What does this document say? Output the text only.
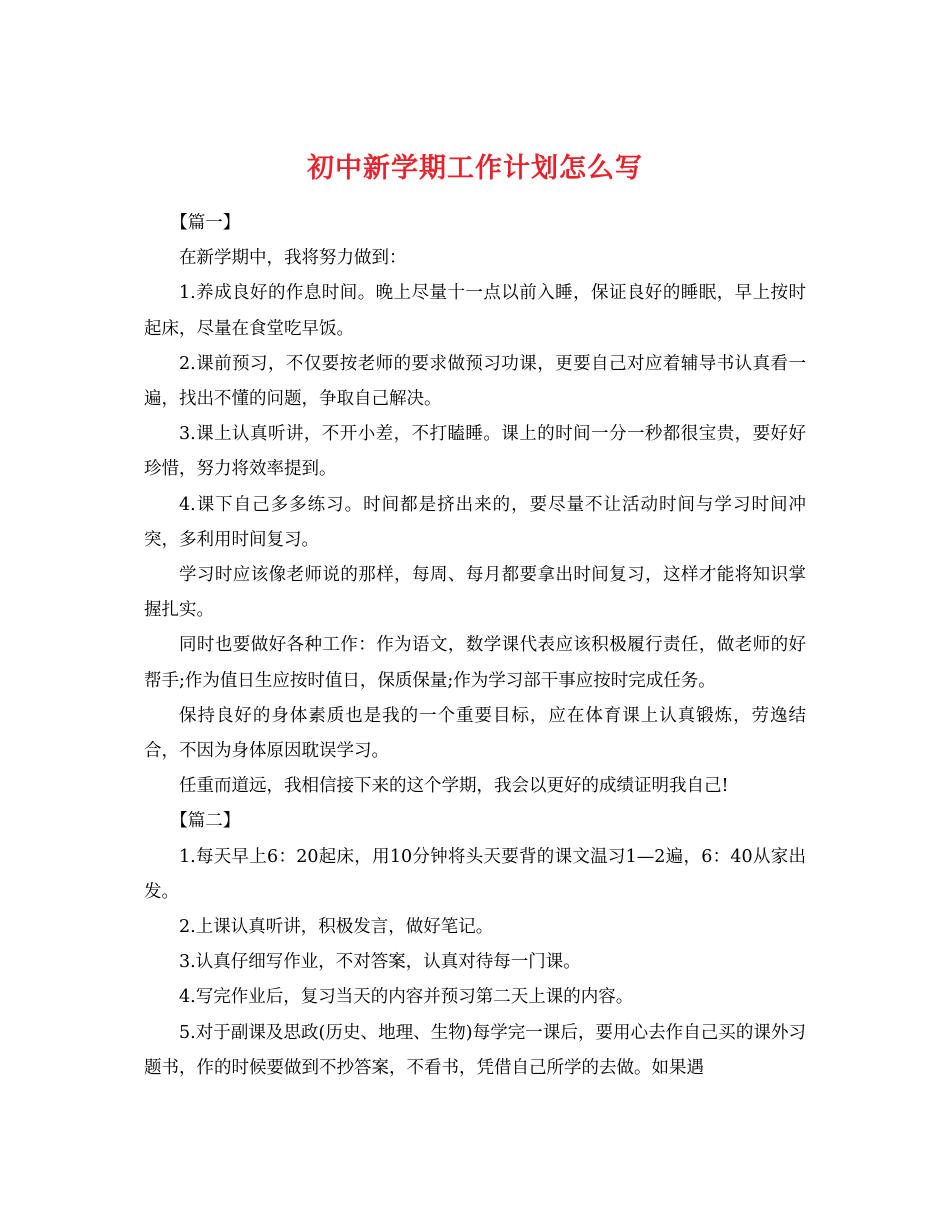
初中新学期工作计划怎么写

【篇一】

在新学期中，我将努力做到：

1.养成良好的作息时间。晚上尽量十一点以前入睡，保证良好的睡眠，早上按时起床，尽量在食堂吃早饭。

2.课前预习，不仅要按老师的要求做预习功课，更要自己对应着辅导书认真看一遍，找出不懂的问题，争取自己解决。

3.课上认真听讲，不开小差，不打瞌睡。课上的时间一分一秒都很宝贵，要好好珍惜，努力将效率提到。

4.课下自己多多练习。时间都是挤出来的，要尽量不让活动时间与学习时间冲突，多利用时间复习。

学习时应该像老师说的那样，每周、每月都要拿出时间复习，这样才能将知识掌握扎实。

同时也要做好各种工作：作为语文，数学课代表应该积极履行责任，做老师的好帮手;作为值日生应按时值日，保质保量;作为学习部干事应按时完成任务。

保持良好的身体素质也是我的一个重要目标，应在体育课上认真锻炼，劳逸结合，不因为身体原因耽误学习。

任重而道远，我相信接下来的这个学期，我会以更好的成绩证明我自己!

【篇二】

1.每天早上6：20起床，用10分钟将头天要背的课文温习1—2遍，6：40从家出发。

2.上课认真听讲，积极发言，做好笔记。

3.认真仔细写作业，不对答案，认真对待每一门课。

4.写完作业后，复习当天的内容并预习第二天上课的内容。

5.对于副课及思政(历史、地理、生物)每学完一课后，要用心去作自己买的课外习题书，作的时候要做到不抄答案，不看书，凭借自己所学的去做。如果遇
